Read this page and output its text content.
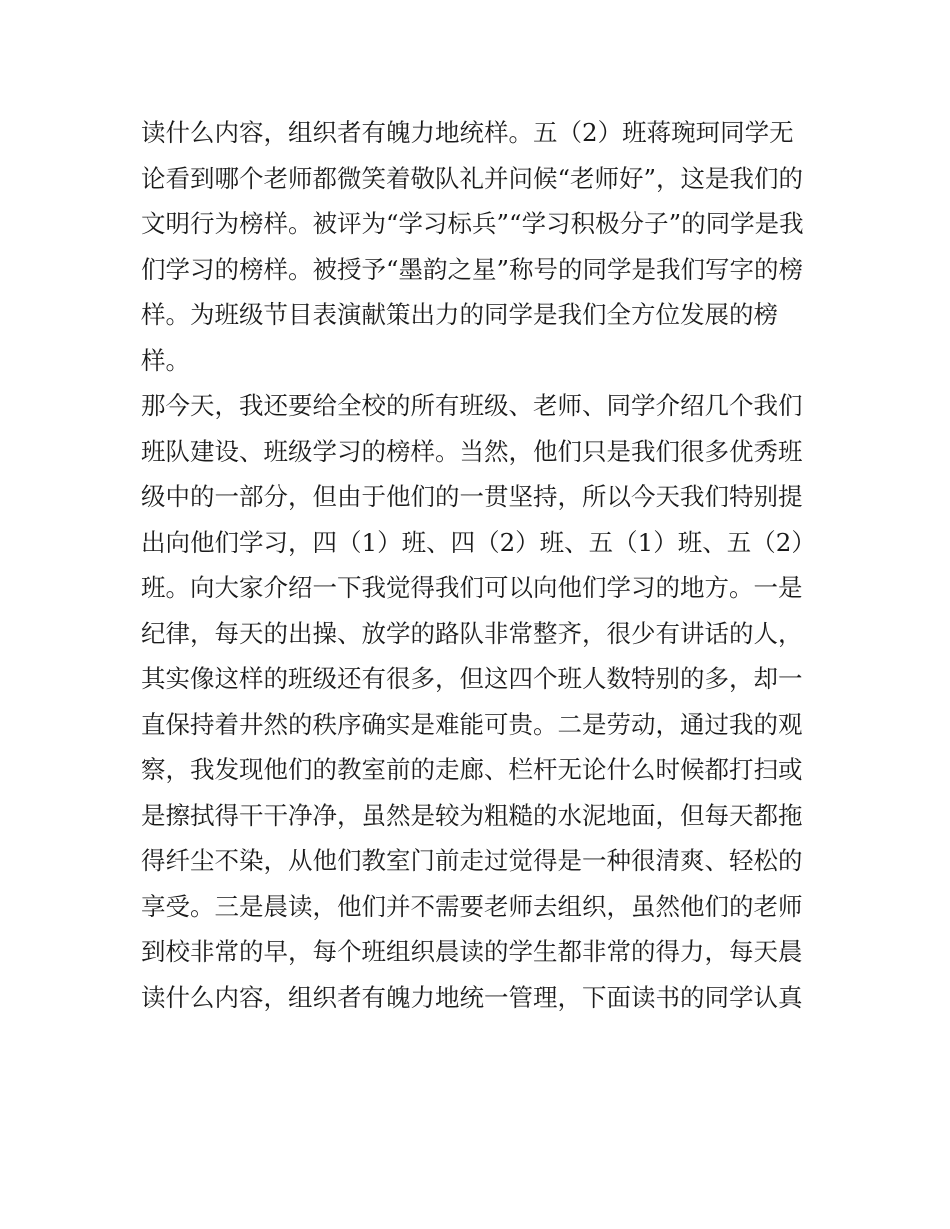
读什么内容，组织者有魄力地统样。五（2）班蒋琬珂同学无
论看到哪个老师都微笑着敬队礼并问候“老师好”，这是我们的
文明行为榜样。被评为“学习标兵”“学习积极分子”的同学是我
们学习的榜样。被授予“墨韵之星”称号的同学是我们写字的榜
样。为班级节目表演献策出力的同学是我们全方位发展的榜
样。
那今天，我还要给全校的所有班级、老师、同学介绍几个我们
班队建设、班级学习的榜样。当然，他们只是我们很多优秀班
级中的一部分，但由于他们的一贯坚持，所以今天我们特别提
出向他们学习，四（1）班、四（2）班、五（1）班、五（2）
班。向大家介绍一下我觉得我们可以向他们学习的地方。一是
纪律，每天的出操、放学的路队非常整齐，很少有讲话的人，
其实像这样的班级还有很多，但这四个班人数特别的多，却一
直保持着井然的秩序确实是难能可贵。二是劳动，通过我的观
察，我发现他们的教室前的走廊、栏杆无论什么时候都打扫或
是擦拭得干干净净，虽然是较为粗糙的水泥地面，但每天都拖
得纤尘不染，从他们教室门前走过觉得是一种很清爽、轻松的
享受。三是晨读，他们并不需要老师去组织，虽然他们的老师
到校非常的早，每个班组织晨读的学生都非常的得力，每天晨
读什么内容，组织者有魄力地统一管理，下面读书的同学认真
